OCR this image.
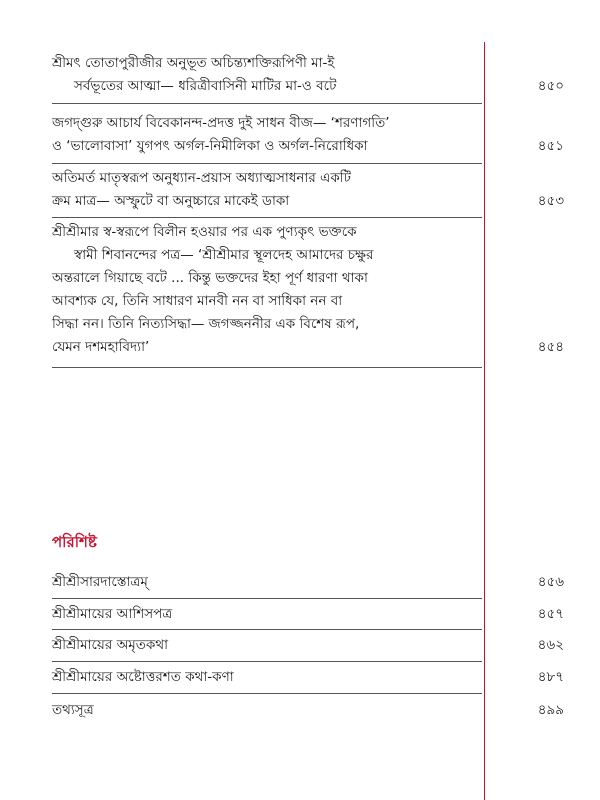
শ্রীমৎ তোতাপুরীজীর অনুভূত অচিন্ত্যশক্তিরূপিণী মা-ই
সর্বভূতের আত্মা— ধরিত্রীবাসিনী মাটির মা-ও বটে	৪৫০
জগদ্গুরু আচার্য বিবেকানন্দ-প্রদত্ত দুই সাধন বীজ— ‘শরণাগতি’
ও ‘ভালোবাসা’ যুগপৎ অর্গল-নিমীলিকা ও অর্গল-নিরোধিকা	৪৫১
অতিমর্ত মাতৃস্বরূপ অনুধ্যান-প্রয়াস অধ্যাত্মসাধনার একটি
ক্রম মাত্র— অস্ফুটে বা অনুচ্চারে মাকেই ডাকা	৪৫৩
শ্রীশ্রীমার স্ব-স্বরূপে বিলীন হওয়ার পর এক পুণ্যকৃৎ ভক্তকে
স্বামী শিবানন্দের পত্র— ‘শ্রীশ্রীমার স্থূলদেহ আমাদের চক্ষুর
অন্তরালে গিয়াছে বটে ... কিন্তু ভক্তদের ইহা পূর্ণ ধারণা থাকা
আবশ্যক যে, তিনি সাধারণ মানবী নন বা সাধিকা নন বা
সিদ্ধা নন। তিনি নিত্যসিদ্ধা— জগজ্জননীর এক বিশেষ রূপ,
যেমন দশমহাবিদ্যা’	৪৫৪
পরিশিষ্ট
শ্রীশ্রীসারদাস্তোত্রম্	৪৫৬
শ্রীশ্রীমায়ের আশিসপত্র	৪৫৭
শ্রীশ্রীমায়ের অমৃতকথা	৪৬২
শ্রীশ্রীমায়ের অষ্টোত্তরশত কথা-কণা	৪৮৭
তথ্যসূত্র	৪৯৯
